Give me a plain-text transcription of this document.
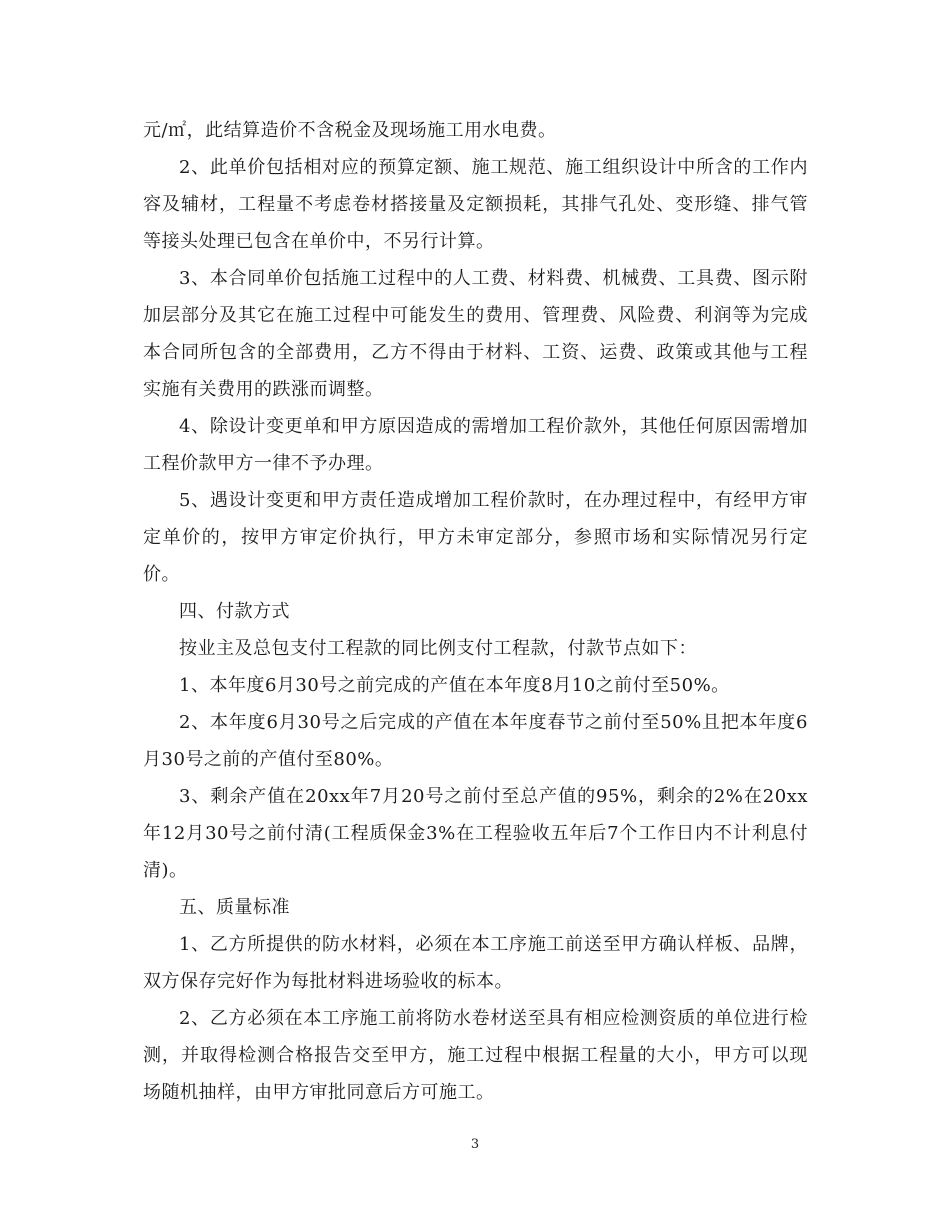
元/㎡，此结算造价不含税金及现场施工用水电费。

2、此单价包括相对应的预算定额、施工规范、施工组织设计中所含的工作内容及辅材，工程量不考虑卷材搭接量及定额损耗，其排气孔处、变形缝、排气管等接头处理已包含在单价中，不另行计算。

3、本合同单价包括施工过程中的人工费、材料费、机械费、工具费、图示附加层部分及其它在施工过程中可能发生的费用、管理费、风险费、利润等为完成本合同所包含的全部费用，乙方不得由于材料、工资、运费、政策或其他与工程实施有关费用的跌涨而调整。

4、除设计变更单和甲方原因造成的需增加工程价款外，其他任何原因需增加工程价款甲方一律不予办理。

5、遇设计变更和甲方责任造成增加工程价款时，在办理过程中，有经甲方审定单价的，按甲方审定价执行，甲方未审定部分，参照市场和实际情况另行定价。

四、付款方式

按业主及总包支付工程款的同比例支付工程款，付款节点如下：

1、本年度6月30号之前完成的产值在本年度8月10之前付至50%。

2、本年度6月30号之后完成的产值在本年度春节之前付至50%且把本年度6月30号之前的产值付至80%。

3、剩余产值在20xx年7月20号之前付至总产值的95%，剩余的2%在20xx年12月30号之前付清(工程质保金3%在工程验收五年后7个工作日内不计利息付清)。

五、质量标准

1、乙方所提供的防水材料，必须在本工序施工前送至甲方确认样板、品牌，双方保存完好作为每批材料进场验收的标本。

2、乙方必须在本工序施工前将防水卷材送至具有相应检测资质的单位进行检测，并取得检测合格报告交至甲方，施工过程中根据工程量的大小，甲方可以现场随机抽样，由甲方审批同意后方可施工。

3
